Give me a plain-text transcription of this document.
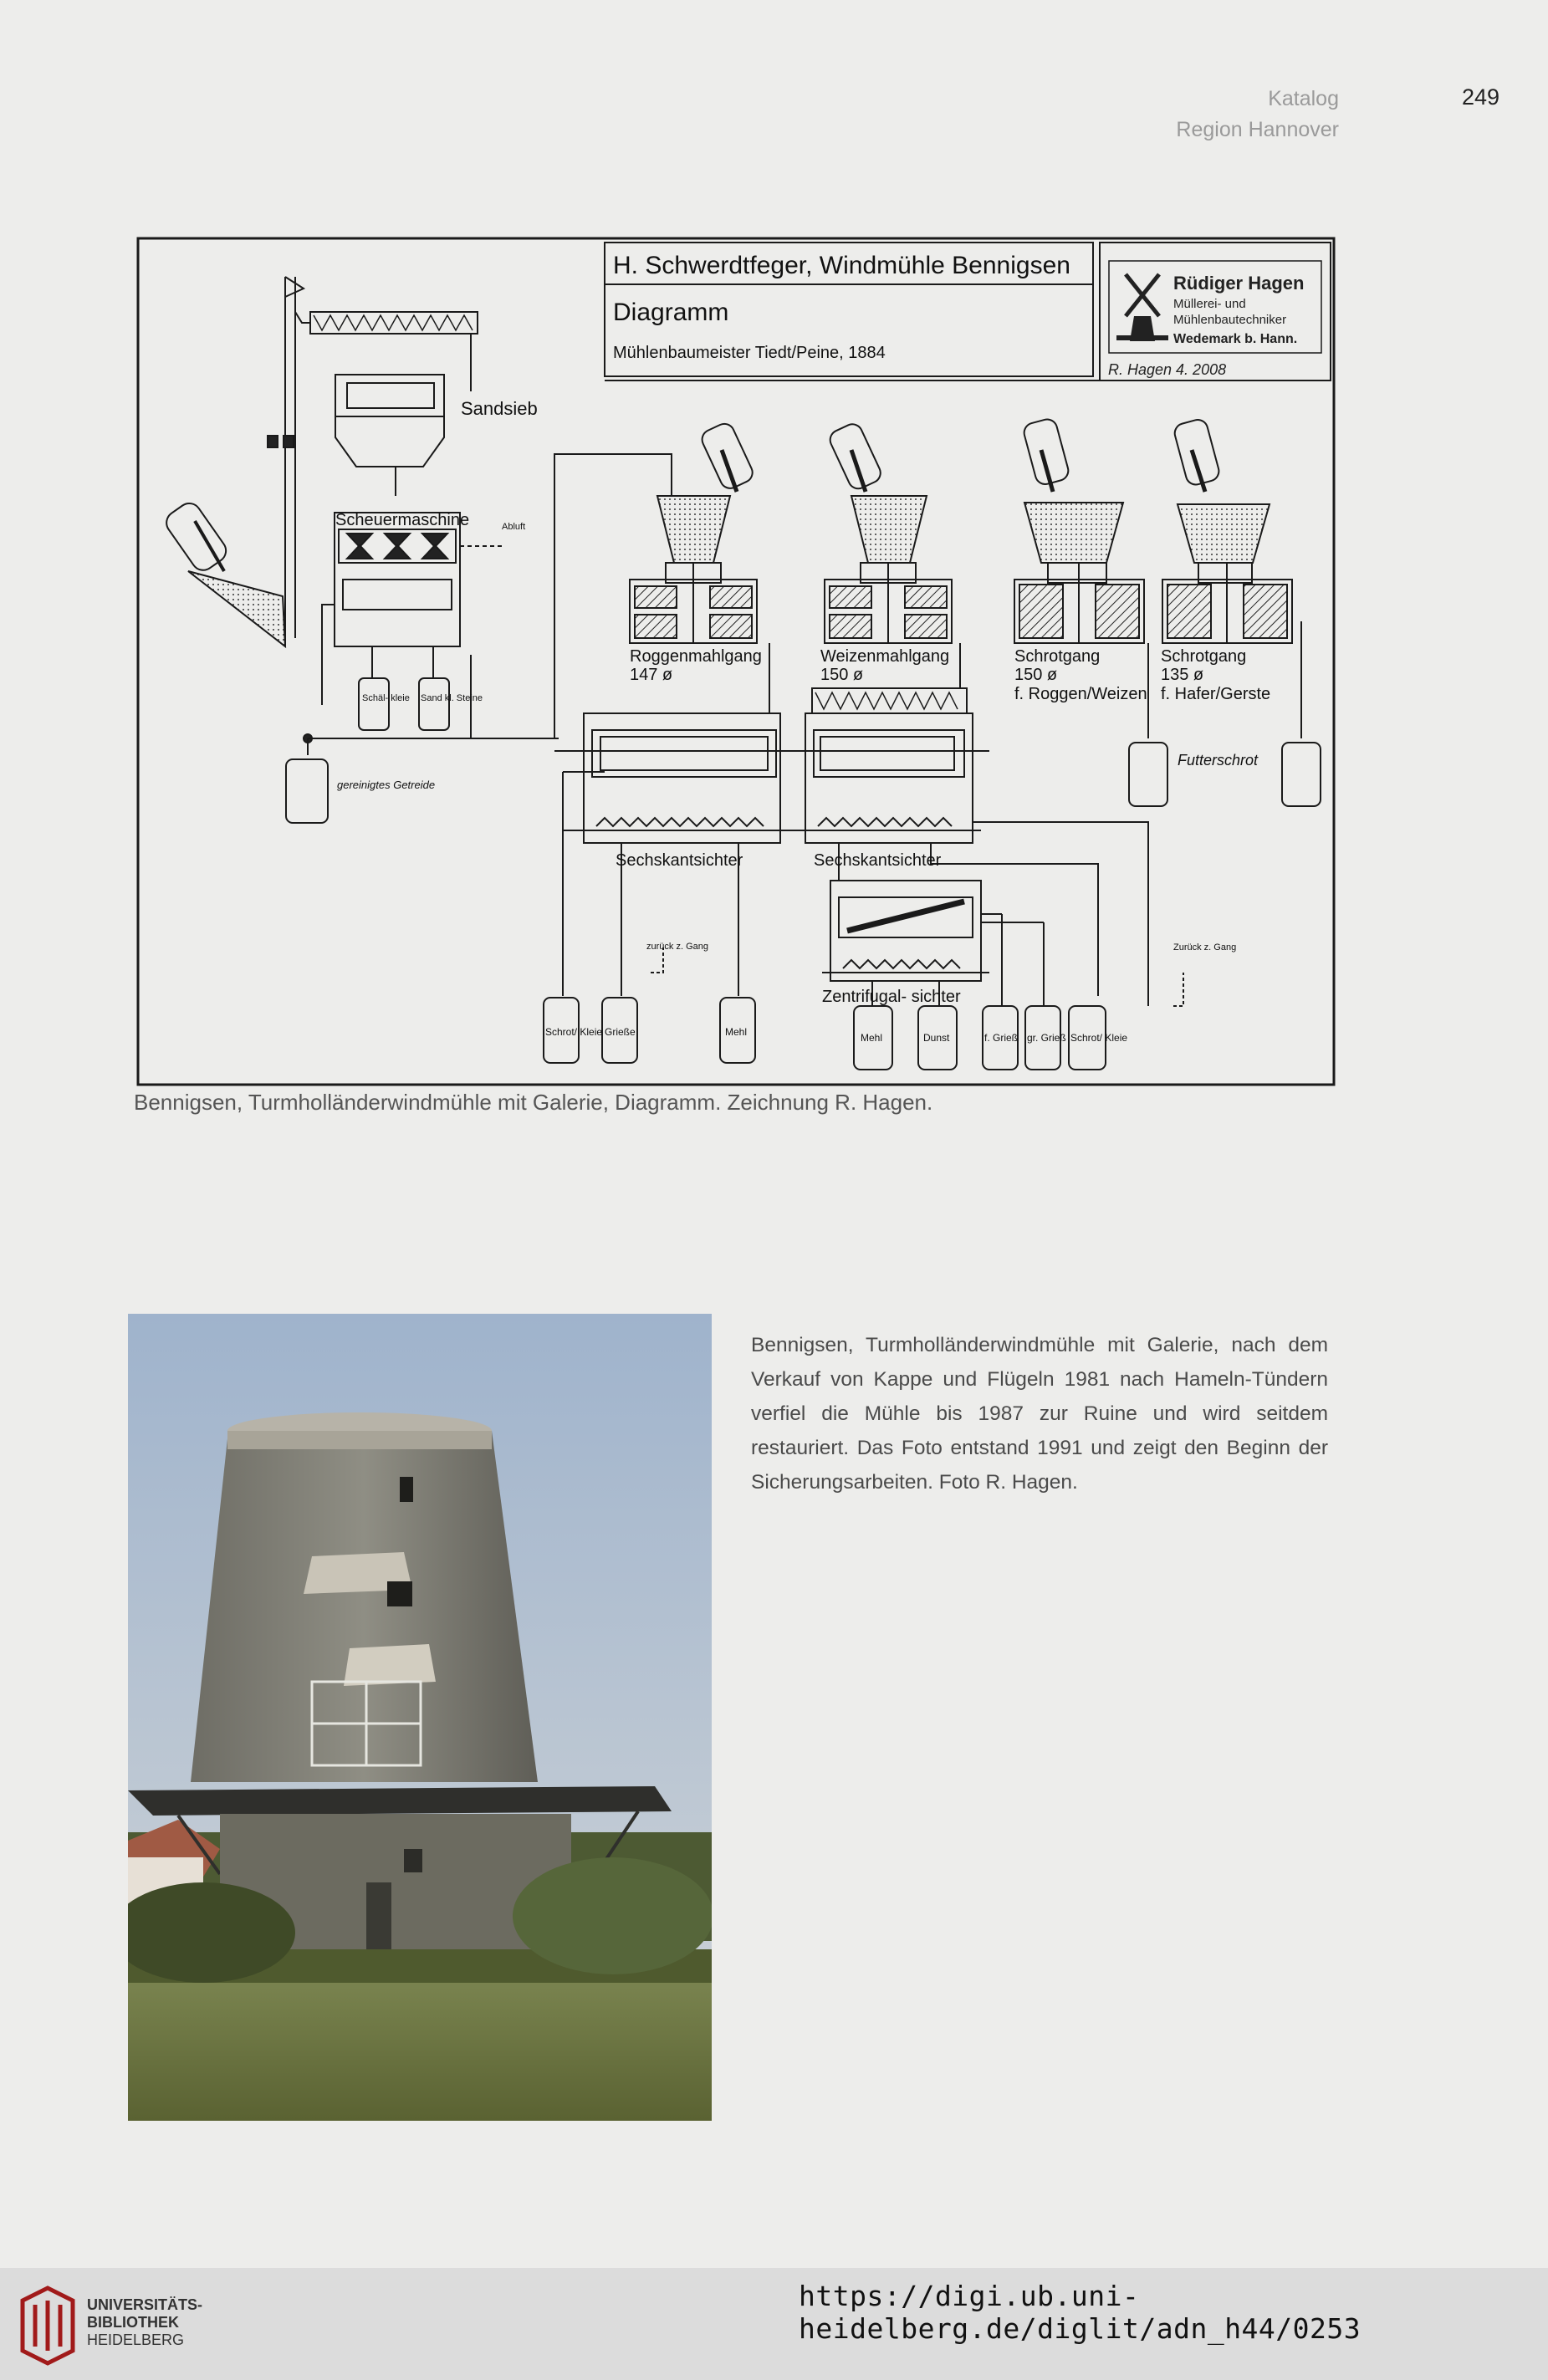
Katalog
Region Hannover
249
H. Schwerdtfeger, Windmühle Bennigsen
Diagramm
Mühlenbaumeister Tiedt/Peine, 1884
Rüdiger Hagen
Müllerei- und
Mühlenbautechniker
Wedemark b. Hann.
R. Hagen 4. 2008
Sandsieb
Scheuermaschine	Abluft
Schäl- kleie Sand kl. Steine
gereinigtes Getreide
Roggenmahlgang
147 ø
Weizenmahlgang
150 ø
Schrotgang
150 ø
f. Roggen/Weizen
Schrotgang
135 ø
f. Hafer/Gerste
Futterschrot
Sechskantsichter	Sechskantsichter
zurück z. Gang	Zurück z. Gang
Zentrifugal- sichter
Schrot/ Kleie Grieße	Mehl	Mehl	Dunst	f. Grieß gr. Grieß Schrot/ Kleie
Bennigsen, Turmholländerwindmühle mit Galerie, Diagramm. Zeichnung R. Hagen.

Bennigsen, Turmholländerwindmühle mit Galerie, nach dem Verkauf von Kappe und Flügeln 1981 nach Hameln-Tündern verfiel die Mühle bis 1987 zur Ruine und wird seitdem restauriert. Das Foto entstand 1991 und zeigt den Beginn der Sicherungsarbeiten. Foto R. Hagen.

UNIVERSITÄTS-
BIBLIOTHEK
HEIDELBERG
https://digi.ub.uni-heidelberg.de/diglit/adn_h44/0253
